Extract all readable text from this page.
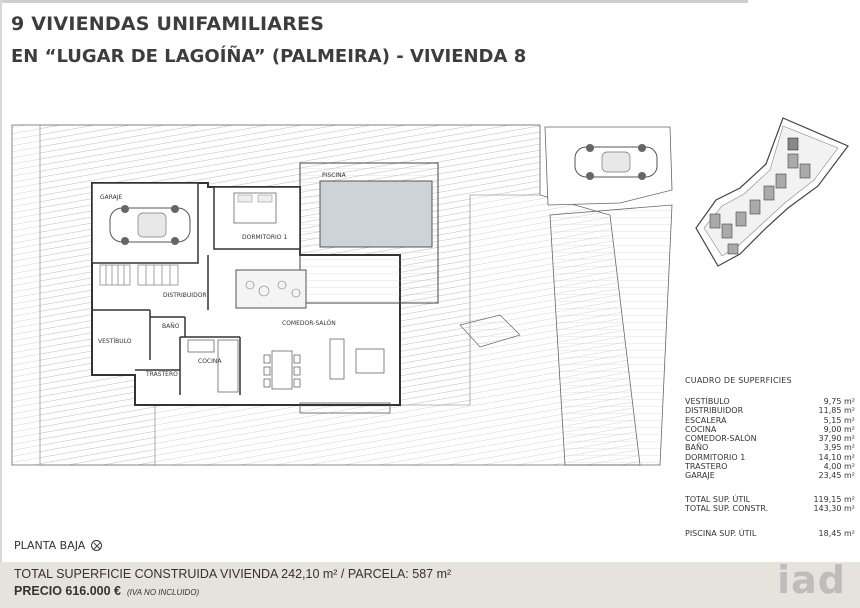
9 VIVIENDAS UNIFAMILIARES
EN “LUGAR DE LAGOÍÑA” (PALMEIRA) - VIVIENDA 8
GARAJE
PISCINA
DORMITORIO 1
DISTRIBUIDOR
BAÑO
VESTÍBULO
COMEDOR-SALÓN
COCINA
TRASTERO
CUADRO DE SUPERFICIES
VESTÍBULO	9,75 m²
DISTRIBUIDOR	11,85 m²
ESCALERA	5,15 m²
COCINA	9,00 m²
COMEDOR-SALÓN	37,90 m²
BAÑO	3,95 m²
DORMITORIO 1	14,10 m²
TRASTERO	4,00 m²
GARAJE	23,45 m²
TOTAL SUP. ÚTIL	119,15 m²
TOTAL SUP. CONSTR.	143,30 m²
PISCINA SUP. ÚTIL	18,45 m²
PLANTA BAJA
TOTAL SUPERFICIE CONSTRUIDA VIVIENDA 242,10 m² / PARCELA: 587 m²
PRECIO 616.000 € (IVA NO INCLUIDO)	iad
